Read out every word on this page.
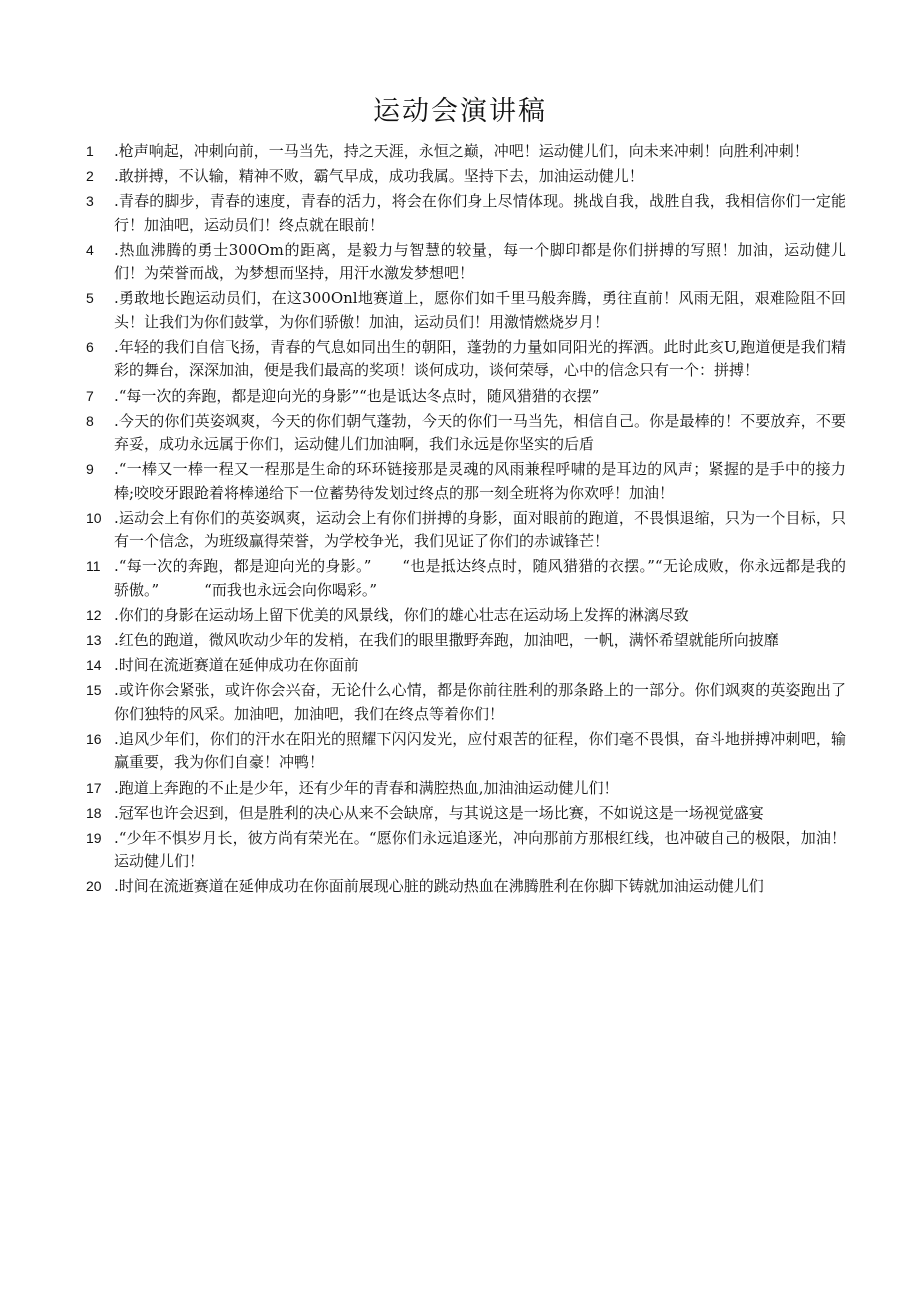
运动会演讲稿
1	.枪声响起，冲刺向前，一马当先，持之天涯，永恒之巅，冲吧！运动健儿们，向未来冲刺！向胜利冲刺！
2	.敢拼搏，不认输，精神不败，霸气早成，成功我属。坚持下去，加油运动健儿！
3	.青春的脚步，青春的速度，青春的活力，将会在你们身上尽情体现。挑战自我，战胜自我，我相信你们一定能行！加油吧，运动员们！终点就在眼前！
4	.热血沸腾的勇士300Om的距离，是毅力与智慧的较量，每一个脚印都是你们拼搏的写照！加油，运动健儿们！为荣誉而战，为梦想而坚持，用汗水激发梦想吧！
5	.勇敢地长跑运动员们，在这300Onl地赛道上，愿你们如千里马般奔腾，勇往直前！风雨无阻，艰难险阻不回头！让我们为你们鼓掌，为你们骄傲！加油，运动员们！用激情燃烧岁月！
6	.年轻的我们自信飞扬，青春的气息如同出生的朝阳，蓬勃的力量如同阳光的挥洒。此时此亥U,跑道便是我们精彩的舞台，深深加油，便是我们最高的奖项！谈何成功，谈何荣辱，心中的信念只有一个：拼搏！
7	.“每一次的奔跑，都是迎向光的身影”“也是诋达冬点时，随风猎猎的衣摆”
8	.今天的你们英姿飒爽，今天的你们朝气蓬勃，今天的你们一马当先，相信自己。你是最棒的！不要放弃，不要弃妥，成功永远属于你们，运动健儿们加油啊，我们永远是你坚实的后盾
9	.“一棒又一棒一程又一程那是生命的环环链接那是灵魂的风雨兼程呼啸的是耳边的风声；紧握的是手中的接力棒;咬咬牙跟跄着将棒递给下一位蓄势待发划过终点的那一刻全班将为你欢呼！加油！
10 .运动会上有你们的英姿飒爽，运动会上有你们拼搏的身影，面对眼前的跑道，不畏惧退缩，只为一个目标，只有一个信念，为班级赢得荣誉，为学校争光，我们见证了你们的赤诚锋芒！
11 .“每一次的奔跑，都是迎向光的身影。”　　“也是抵达终点时，随风猎猎的衣摆。”“无论成败，你永远都是我的骄傲。”　　　“而我也永远会向你喝彩。”
12 .你们的身影在运动场上留下优美的风景线，你们的雄心壮志在运动场上发挥的淋漓尽致
13 .红色的跑道，微风吹动少年的发梢，在我们的眼里撒野奔跑，加油吧，一帆，满怀希望就能所向披靡
14 .时间在流逝赛道在延伸成功在你面前
15 .或许你会紧张，或许你会兴奋，无论什么心情，都是你前往胜利的那条路上的一部分。你们飒爽的英姿跑出了你们独特的风采。加油吧，加油吧，我们在终点等着你们！
16 .追风少年们，你们的汗水在阳光的照耀下闪闪发光，应付艰苦的征程，你们毫不畏惧，奋斗地拼搏冲刺吧，输赢重要，我为你们自豪！冲鸭！
17 .跑道上奔跑的不止是少年，还有少年的青春和满腔热血,加油油运动健儿们！
18 .冠军也许会迟到，但是胜利的决心从来不会缺席，与其说这是一场比赛，不如说这是一场视觉盛宴
19 .“少年不惧岁月长，彼方尚有荣光在。“愿你们永远追逐光，冲向那前方那根红线，也冲破自己的极限，加油！运动健儿们！
20 .时间在流逝赛道在延伸成功在你面前展现心脏的跳动热血在沸腾胜利在你脚下铸就加油运动健儿们
